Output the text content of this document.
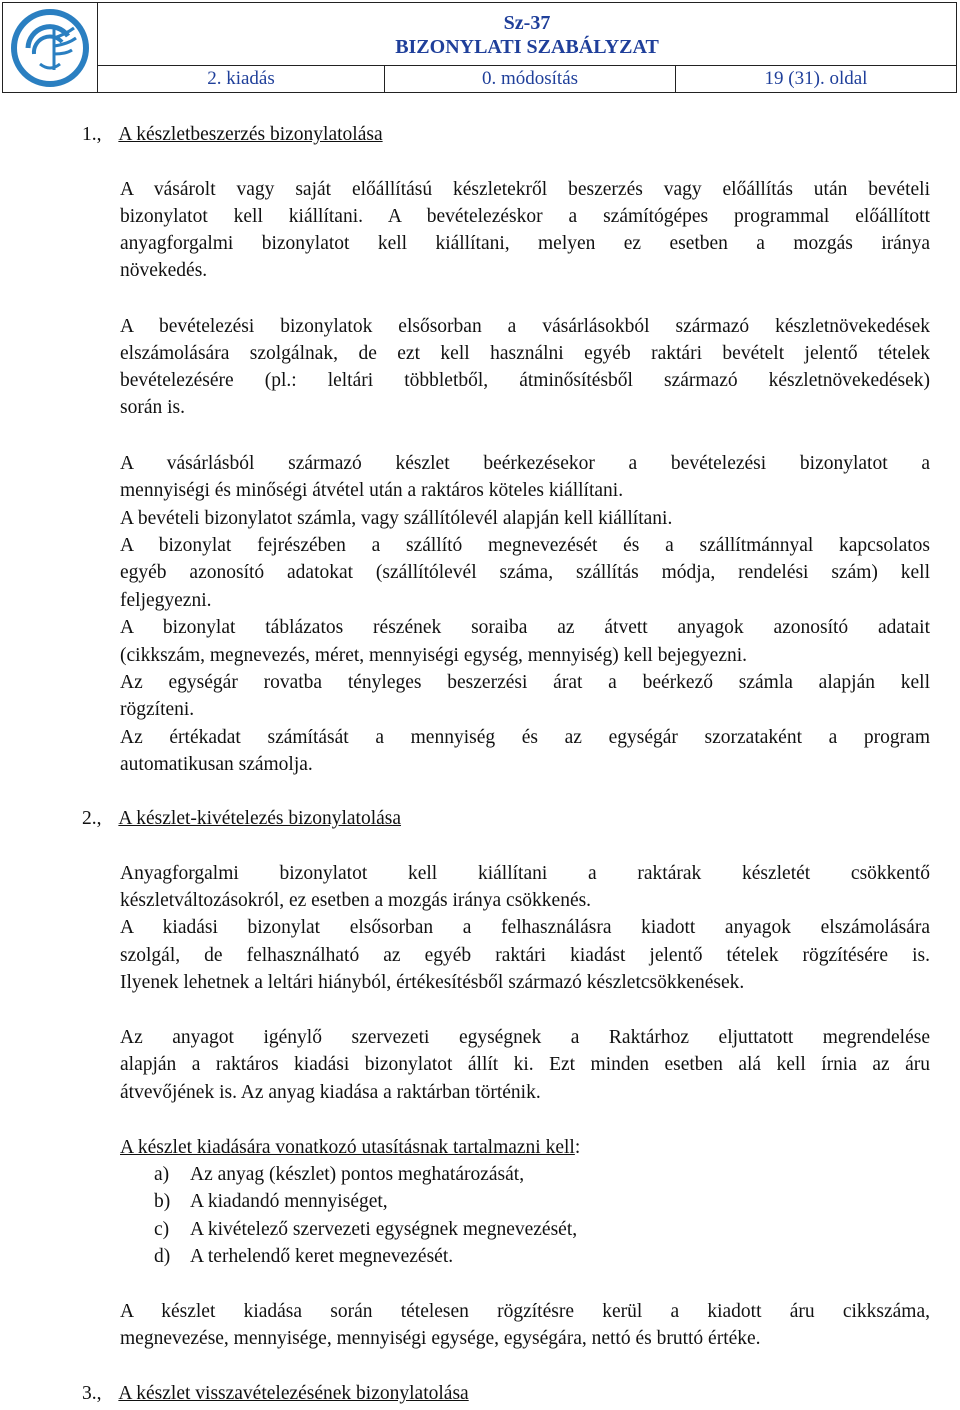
Sz-37
BIZONYLATI SZABÁLYZAT
2. kiadás	0. módosítás	19 (31). oldal
1., A készletbeszerzés bizonylatolása
A vásárolt vagy saját előállítású készletekről beszerzés vagy előállítás után bevételi
bizonylatot kell kiállítani. A bevételezéskor a számítógépes programmal előállított
anyagforgalmi bizonylatot kell kiállítani, melyen ez esetben a mozgás iránya
növekedés.
A bevételezési bizonylatok elsősorban a vásárlásokból származó készletnövekedések
elszámolására szolgálnak, de ezt kell használni egyéb raktári bevételt jelentő tételek
bevételezésére (pl.: leltári többletből, átminősítésből származó készletnövekedések)
során is.
A vásárlásból származó készlet beérkezésekor a bevételezési bizonylatot a
mennyiségi és minőségi átvétel után a raktáros köteles kiállítani.
A bevételi bizonylatot számla, vagy szállítólevél alapján kell kiállítani.
A bizonylat fejrészében a szállító megnevezését és a szállítmánnyal kapcsolatos
egyéb azonosító adatokat (szállítólevél száma, szállítás módja, rendelési szám) kell
feljegyezni.
A bizonylat táblázatos részének soraiba az átvett anyagok azonosító adatait
(cikkszám, megnevezés, méret, mennyiségi egység, mennyiség) kell bejegyezni.
Az egységár rovatba tényleges beszerzési árat a beérkező számla alapján kell
rögzíteni.
Az értékadat számítását a mennyiség és az egységár szorzataként a program
automatikusan számolja.
2., A készlet-kivételezés bizonylatolása
Anyagforgalmi bizonylatot kell kiállítani a raktárak készletét csökkentő
készletváltozásokról, ez esetben a mozgás iránya csökkenés.
A kiadási bizonylat elsősorban a felhasználásra kiadott anyagok elszámolására
szolgál, de felhasználható az egyéb raktári kiadást jelentő tételek rögzítésére is.
Ilyenek lehetnek a leltári hiányból, értékesítésből származó készletcsökkenések.
Az anyagot igénylő szervezeti egységnek a Raktárhoz eljuttatott megrendelése
alapján a raktáros kiadási bizonylatot állít ki. Ezt minden esetben alá kell írnia az áru
átvevőjének is. Az anyag kiadása a raktárban történik.
A készlet kiadására vonatkozó utasításnak tartalmazni kell:
a) Az anyag (készlet) pontos meghatározását,
b) A kiadandó mennyiséget,
c) A kivételező szervezeti egységnek megnevezését,
d) A terhelendő keret megnevezését.
A készlet kiadása során tételesen rögzítésre kerül a kiadott áru cikkszáma,
megnevezése, mennyisége, mennyiségi egysége, egységára, nettó és bruttó értéke.
3., A készlet visszavételezésének bizonylatolása
